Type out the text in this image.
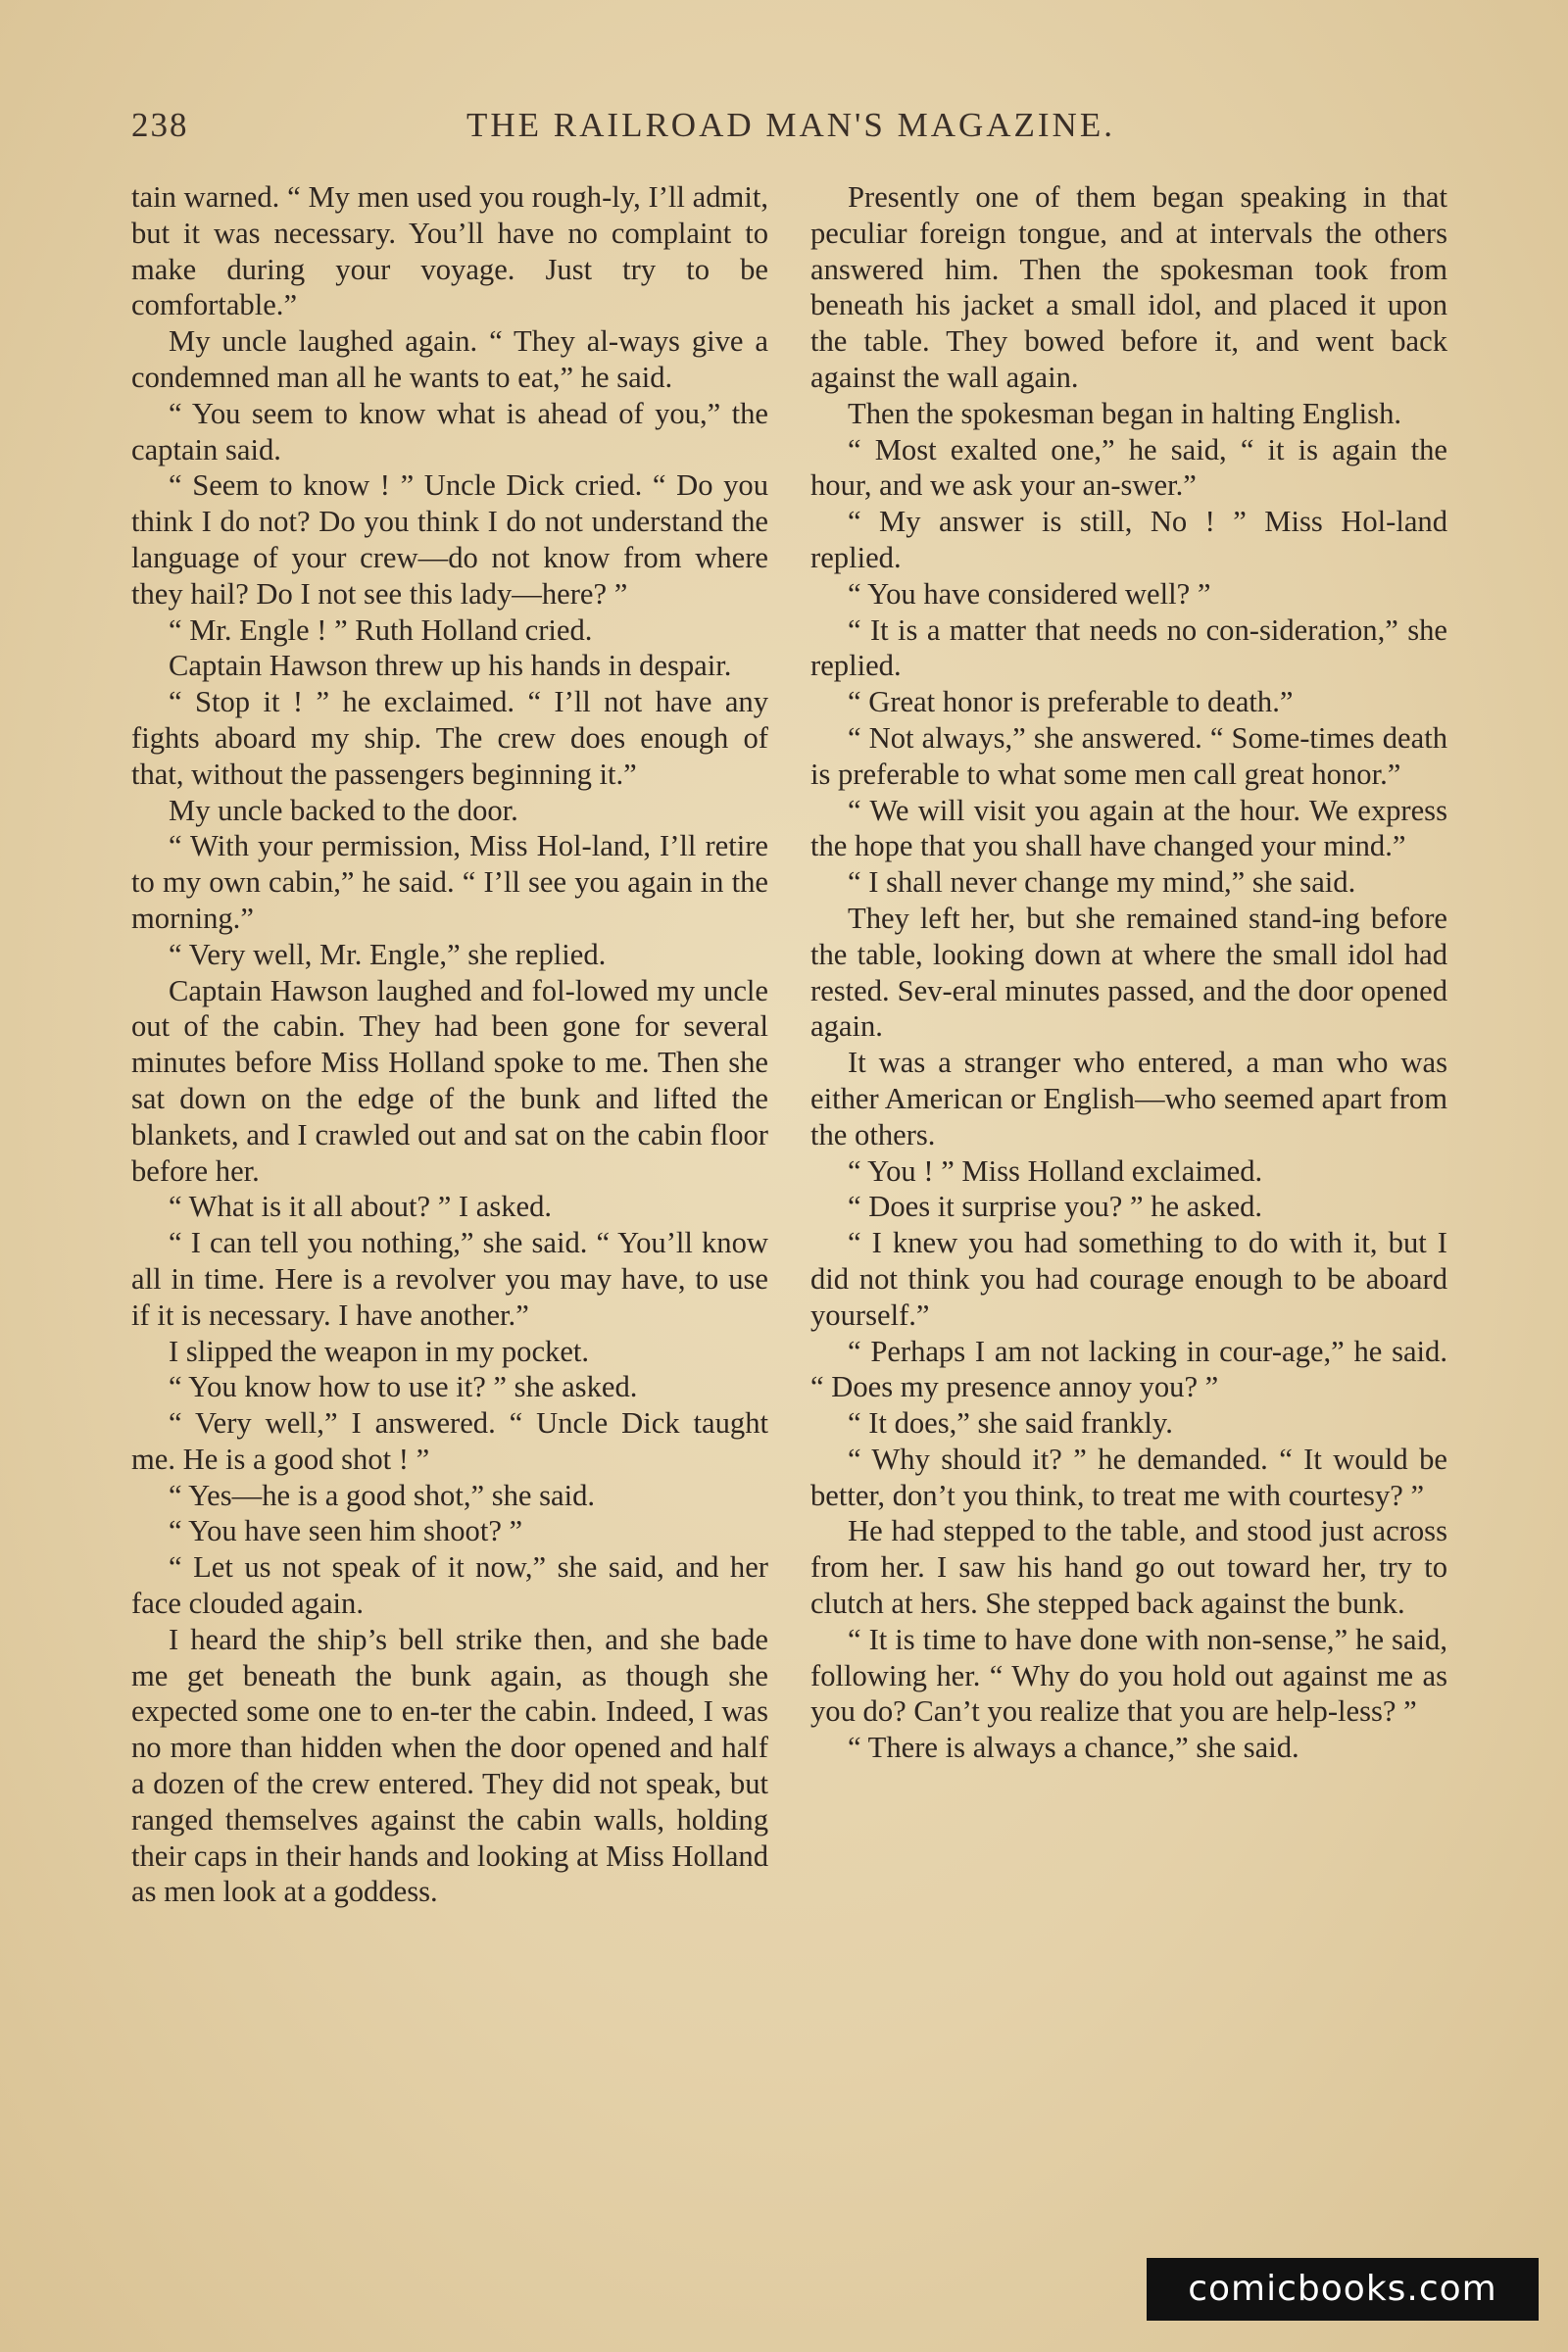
238	THE RAILROAD MAN'S MAGAZINE.

tain warned. “ My men used you rough-ly, I’ll admit, but it was necessary. You’ll have no complaint to make during your voyage. Just try to be comfortable.”

My uncle laughed again. “ They al-ways give a condemned man all he wants to eat,” he said.

“ You seem to know what is ahead of you,” the captain said.

“ Seem to know ! ” Uncle Dick cried. “ Do you think I do not? Do you think I do not understand the language of your crew—do not know from where they hail? Do I not see this lady—here? ”

“ Mr. Engle ! ” Ruth Holland cried.

Captain Hawson threw up his hands in despair.

“ Stop it ! ” he exclaimed. “ I’ll not have any fights aboard my ship. The crew does enough of that, without the passengers beginning it.”

My uncle backed to the door.

“ With your permission, Miss Hol-land, I’ll retire to my own cabin,” he said. “ I’ll see you again in the morning.”

“ Very well, Mr. Engle,” she replied.

Captain Hawson laughed and fol-lowed my uncle out of the cabin. They had been gone for several minutes before Miss Holland spoke to me. Then she sat down on the edge of the bunk and lifted the blankets, and I crawled out and sat on the cabin floor before her.

“ What is it all about? ” I asked.

“ I can tell you nothing,” she said. “ You’ll know all in time. Here is a revolver you may have, to use if it is necessary. I have another.”

I slipped the weapon in my pocket.

“ You know how to use it? ” she asked.

“ Very well,” I answered. “ Uncle Dick taught me. He is a good shot ! ”

“ Yes—he is a good shot,” she said.

“ You have seen him shoot? ”

“ Let us not speak of it now,” she said, and her face clouded again.

I heard the ship’s bell strike then, and she bade me get beneath the bunk again, as though she expected some one to en-ter the cabin. Indeed, I was no more than hidden when the door opened and half a dozen of the crew entered. They did not speak, but ranged themselves against the cabin walls, holding their caps in their hands and looking at Miss Holland as men look at a goddess.

Presently one of them began speaking in that peculiar foreign tongue, and at intervals the others answered him. Then the spokesman took from beneath his jacket a small idol, and placed it upon the table. They bowed before it, and went back against the wall again.

Then the spokesman began in halting English.

“ Most exalted one,” he said, “ it is again the hour, and we ask your an-swer.”

“ My answer is still, No ! ” Miss Hol-land replied.

“ You have considered well? ”

“ It is a matter that needs no con-sideration,” she replied.

“ Great honor is preferable to death.”

“ Not always,” she answered. “ Some-times death is preferable to what some men call great honor.”

“ We will visit you again at the hour. We express the hope that you shall have changed your mind.”

“ I shall never change my mind,” she said.

They left her, but she remained stand-ing before the table, looking down at where the small idol had rested. Sev-eral minutes passed, and the door opened again.

It was a stranger who entered, a man who was either American or English—who seemed apart from the others.

“ You ! ” Miss Holland exclaimed.

“ Does it surprise you? ” he asked.

“ I knew you had something to do with it, but I did not think you had courage enough to be aboard yourself.”

“ Perhaps I am not lacking in cour-age,” he said. “ Does my presence annoy you? ”

“ It does,” she said frankly.

“ Why should it? ” he demanded. “ It would be better, don’t you think, to treat me with courtesy? ”

He had stepped to the table, and stood just across from her. I saw his hand go out toward her, try to clutch at hers. She stepped back against the bunk.

“ It is time to have done with non-sense,” he said, following her. “ Why do you hold out against me as you do? Can’t you realize that you are help-less? ”

“ There is always a chance,” she said.

comicbooks.com
